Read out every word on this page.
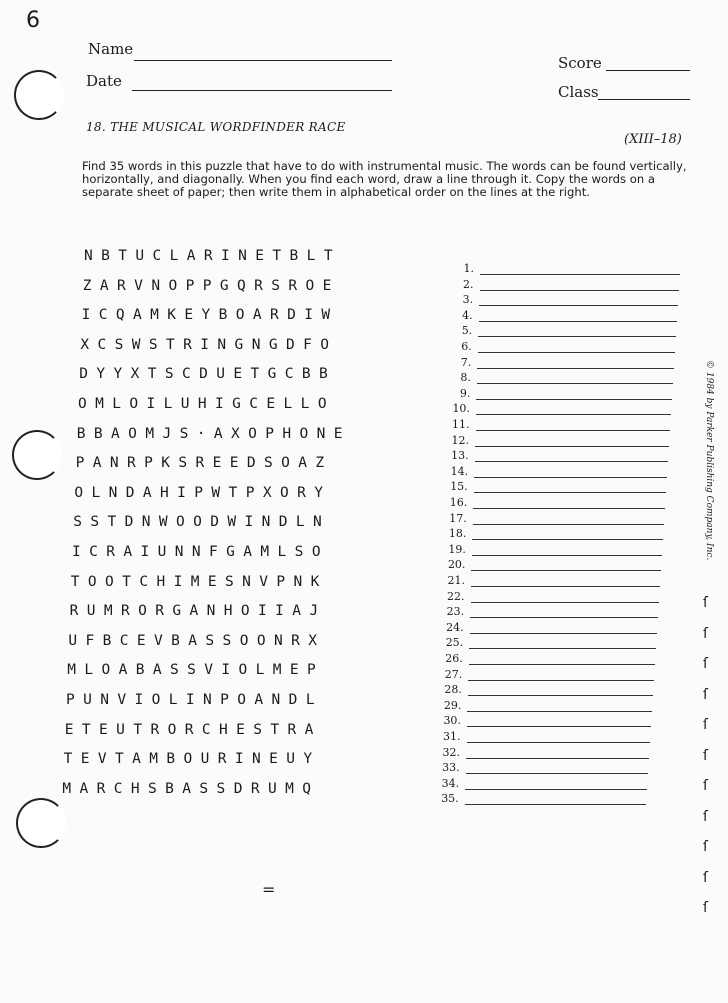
6
Name
Date
Score
Class
18. THE MUSICAL WORDFINDER RACE
(XIII–18)
Find 35 words in this puzzle that have to do with instrumental music. The words can be found vertically, horizontally, and diagonally. When you find each word, draw a line through it. Copy the words on a separate sheet of paper; then write them in alphabetical order on the lines at the right.
NBTUCLARINETBLT
ZARVNOPPGQRSROE
ICQAMKEYBOARDIW
XCSWSTRINGNGDFO
DYYXTSCDUETGCBB
OMLOILUHIGCELLO
BBAOMJS·AXOPHONE
PANRPKSREEDSOAZ
OLNDAHIPWTPXORY
SSTDNWOODWINDLN
ICRAIUNNFGAMLSO
TOOTCHIMESNVPNK
RUMRORGANHOIIAJ
UFBCEVBASSOONRX
MLOABASSVIOLMEP
PUNVIOLINPOANDL
ETEUTRORCHESTRA
TEVTAMBOURINEUY
MARCHSBASSDRUMQ
1.
2.
3.
4.
5.
6.
7.
8.
9.
10.
11.
12.
13.
14.
15.
16.
17.
18.
19.
20.
21.
22.
23.
24.
25.
26.
27.
28.
29.
30.
31.
32.
33.
34.
35.
© 1984 by Parker Publishing Company, Inc.
ſ
ſ
ſ
ſ
ſ
ſ
ſ
ſ
ſ
ſ
ſ
=
